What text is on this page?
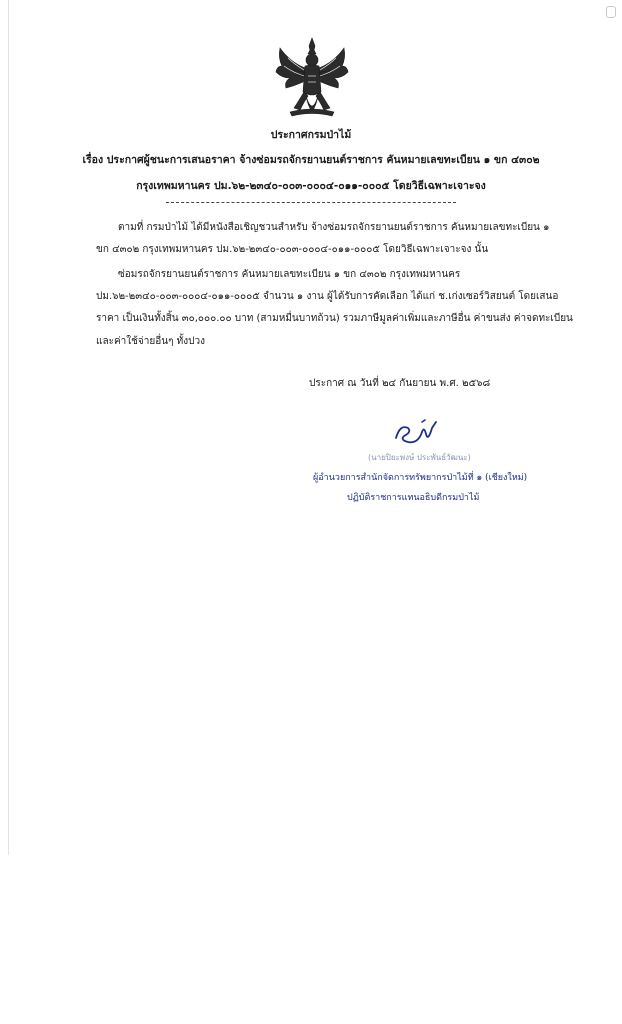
ประกาศกรมป่าไม้
เรื่อง ประกาศผู้ชนะการเสนอราคา จ้างซ่อมรถจักรยานยนต์ราชการ คันหมายเลขทะเบียน ๑ ขก ๔๓๐๒
กรุงเทพมหานคร ปม.๖๒-๒๓๔๐-๐๐๓-๐๐๐๔-๐๑๑-๐๐๐๕ โดยวิธีเฉพาะเจาะจง
ตามที่ กรมป่าไม้ ได้มีหนังสือเชิญชวนสำหรับ จ้างซ่อมรถจักรยานยนต์ราชการ คันหมายเลขทะเบียน ๑
ขก ๔๓๐๒ กรุงเทพมหานคร ปม.๖๒-๒๓๔๐-๐๐๓-๐๐๐๔-๐๑๑-๐๐๐๕ โดยวิธีเฉพาะเจาะจง นั้น
ซ่อมรถจักรยานยนต์ราชการ คันหมายเลขทะเบียน ๑ ขก ๔๓๐๒ กรุงเทพมหานคร
ปม.๖๒-๒๓๔๐-๐๐๓-๐๐๐๔-๐๑๑-๐๐๐๕ จำนวน ๑ งาน ผู้ได้รับการคัดเลือก ได้แก่ ช.เก่งเซอร์วิสยนต์ โดยเสนอ
ราคา เป็นเงินทั้งสิ้น ๓๐,๐๐๐.๐๐ บาท (สามหมื่นบาทถ้วน) รวมภาษีมูลค่าเพิ่มและภาษีอื่น ค่าขนส่ง ค่าจดทะเบียน
และค่าใช้จ่ายอื่นๆ ทั้งปวง
ประกาศ ณ วันที่ ๒๔ กันยายน พ.ศ. ๒๕๖๘
(นายปิยะพงษ์ ประพันธ์วัฒนะ)
ผู้อำนวยการสำนักจัดการทรัพยากรป่าไม้ที่ ๑ (เชียงใหม่)
ปฏิบัติราชการแทนอธิบดีกรมป่าไม้
